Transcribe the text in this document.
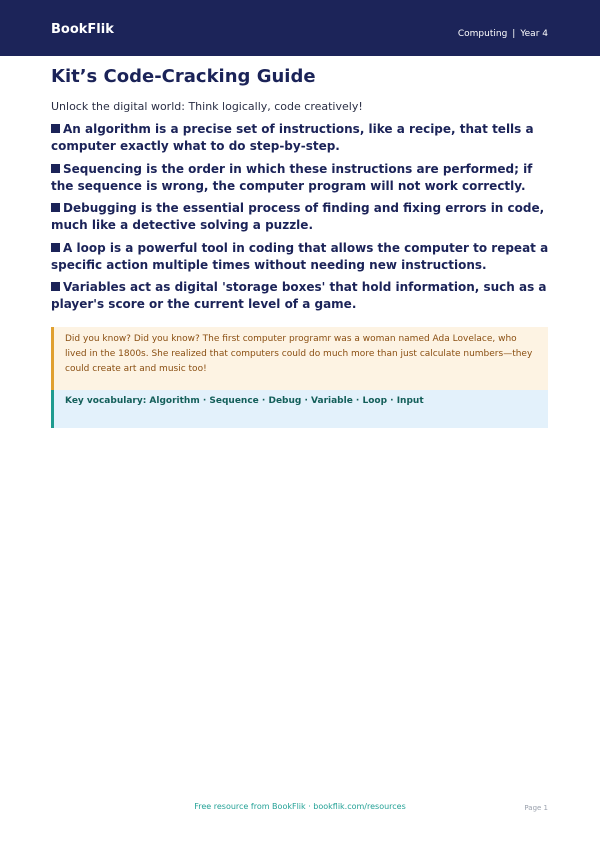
BookFlik	Computing | Year 4
Kit’s Code-Cracking Guide
Unlock the digital world: Think logically, code creatively!
An algorithm is a precise set of instructions, like a recipe, that tells a computer exactly what to do step-by-step.
Sequencing is the order in which these instructions are performed; if the sequence is wrong, the computer program will not work correctly.
Debugging is the essential process of finding and fixing errors in code, much like a detective solving a puzzle.
A loop is a powerful tool in coding that allows the computer to repeat a specific action multiple times without needing new instructions.
Variables act as digital 'storage boxes' that hold information, such as a player's score or the current level of a game.
Did you know? Did you know? The first computer programr was a woman named Ada Lovelace, who lived in the 1800s. She realized that computers could do much more than just calculate numbers—they could create art and music too!
Key vocabulary: Algorithm · Sequence · Debug · Variable · Loop · Input
Free resource from BookFlik · bookflik.com/resources	Page 1
